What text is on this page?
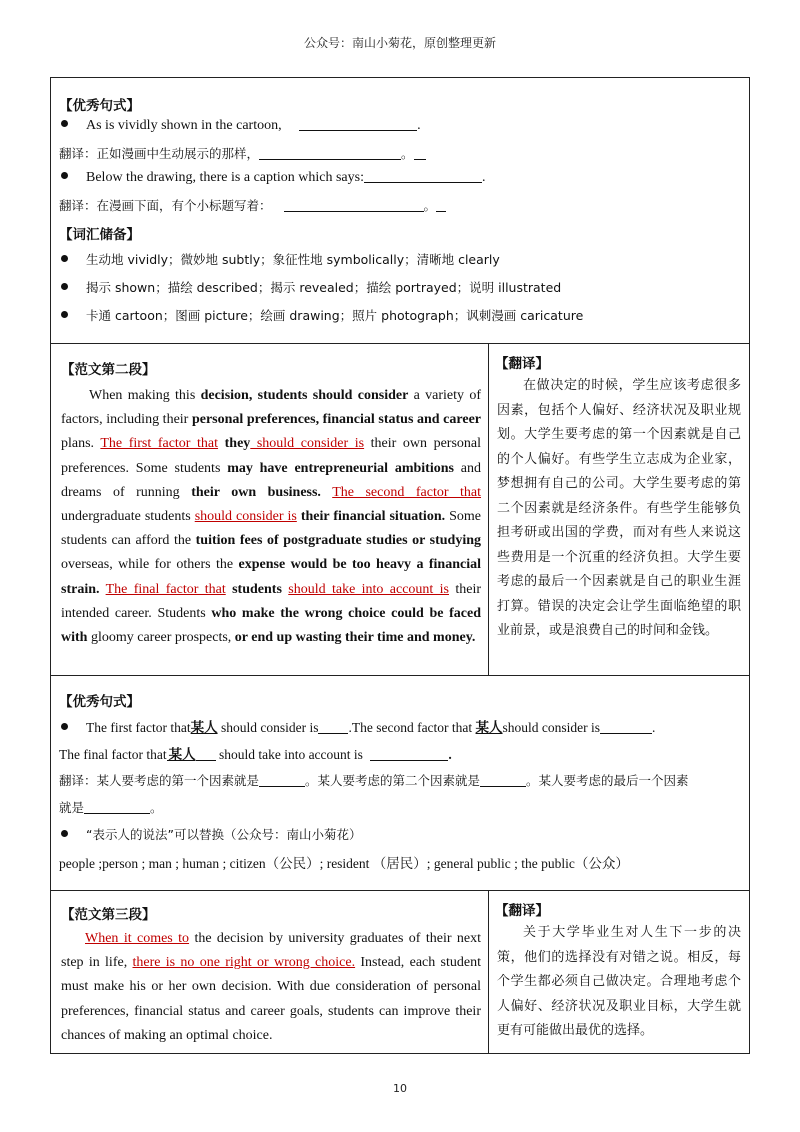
公众号：南山小菊花，原创整理更新
【优秀句式】
As is vividly shown in the cartoon,	.
翻译：正如漫画中生动展示的那样，	。
Below the drawing, there is a caption which says:	.
翻译：在漫画下面，有个小标题写着：	。
【词汇储备】
生动地 vividly；微妙地 subtly；象征性地 symbolically；清晰地 clearly
揭示 shown；描绘 described；揭示 revealed；描绘 portrayed；说明 illustrated
卡通 cartoon；图画 picture；绘画 drawing；照片 photograph；讽刺漫画 caricature
【范文第二段】
When making this decision, students should consider a variety of factors, including their personal preferences, financial status and career plans. The first factor that they should consider is their own personal preferences. Some students may have entrepreneurial ambitions and dreams of running their own business. The second factor that undergraduate students should consider is their financial situation. Some students can afford the tuition fees of postgraduate studies or studying overseas, while for others the expense would be too heavy a financial strain. The final factor that students should take into account is their intended career. Students who make the wrong choice could be faced with gloomy career prospects, or end up wasting their time and money.
【翻译】
在做决定的时候，学生应该考虑很多因素，包括个人偏好、经济状况及职业规划。大学生要考虑的第一个因素就是自己的个人偏好。有些学生立志成为企业家，梦想拥有自己的公司。大学生要考虑的第二个因素就是经济条件。有些学生能够负担考研或出国的学费，而对有些人来说这些费用是一个沉重的经济负担。大学生要考虑的最后一个因素就是自己的职业生涯打算。错误的决定会让学生面临绝望的职业前景，或是浪费自己的时间和金钱。
【优秀句式】
The first factor that某人 should consider is .The second factor that 某人should consider is	.
The final factor that 某人 should take into account is	.
翻译：某人要考虑的第一个因素就是	。某人要考虑的第二个因素就是	。某人要考虑的最后一个因素
就是	。
“表示人的说法”可以替换（公众号：南山小菊花）
people ;person ; man ; human ; citizen（公民）; resident （居民）; general public ; the public（公众）
【范文第三段】
When it comes to the decision by university graduates of their next step in life, there is no one right or wrong choice. Instead, each student must make his or her own decision. With due consideration of personal preferences, financial status and career goals, students can improve their chances of making an optimal choice.
【翻译】
关于大学毕业生对人生下一步的决策，他们的选择没有对错之说。相反，每个学生都必须自己做决定。合理地考虑个人偏好、经济状况及职业目标，大学生就更有可能做出最优的选择。
10
